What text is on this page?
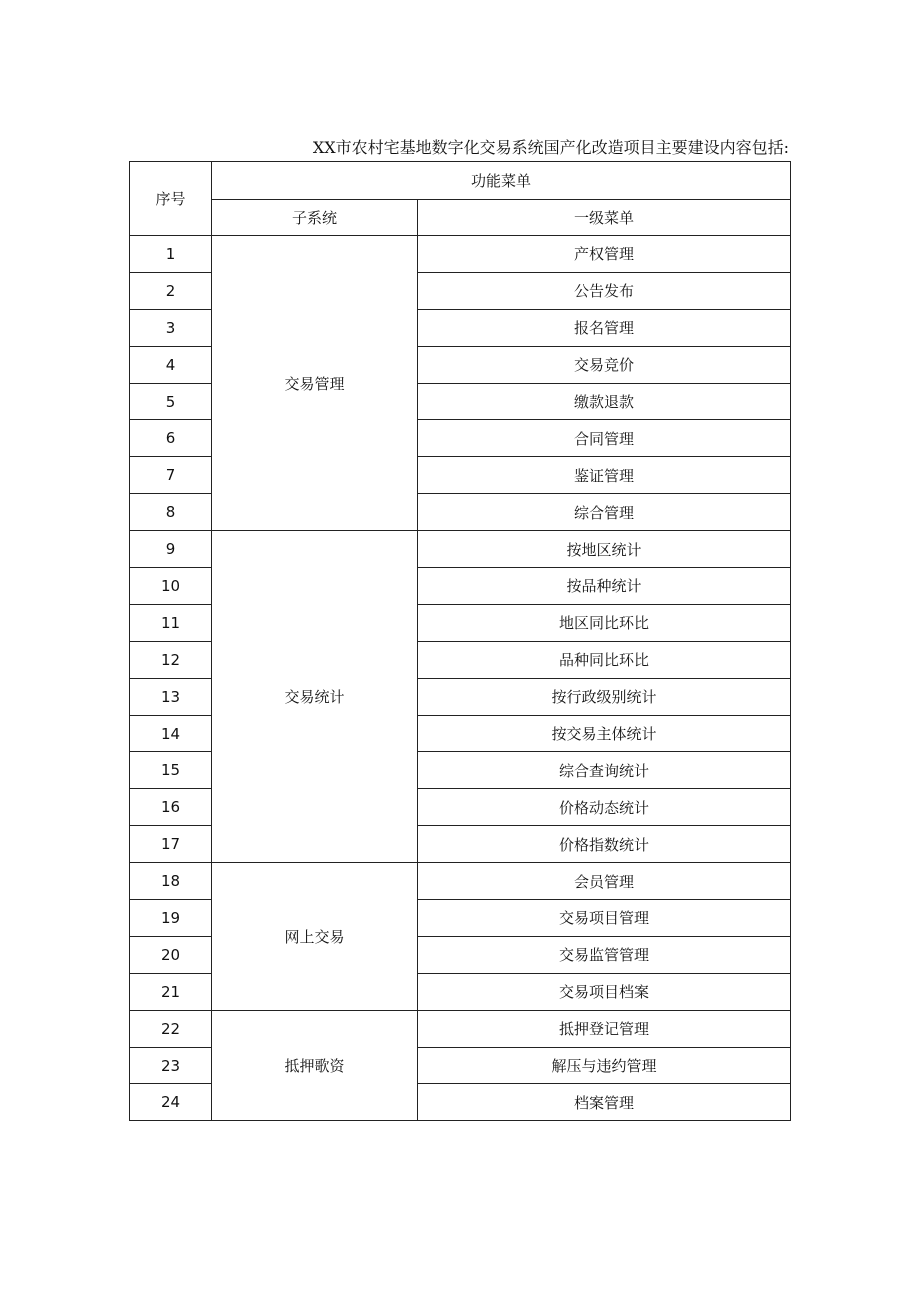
XX市农村宅基地数字化交易系统国产化改造项目主要建设内容包括:
序号	功能菜单	
	子系统	一级菜单
1	交易管理	产权管理
2		公告发布
3		报名管理
4		交易竞价
5		缴款退款
6		合同管理
7		鉴证管理
8		综合管理
9	交易统计	按地区统计
10		按品种统计
11		地区同比环比
12		品种同比环比
13		按行政级别统计
14		按交易主体统计
15		综合查询统计
16		价格动态统计
17		价格指数统计
18	网上交易	会员管理
19		交易项目管理
20		交易监管管理
21		交易项目档案
22	抵押歌资	抵押登记管理
23		解压与违约管理
24		档案管理
